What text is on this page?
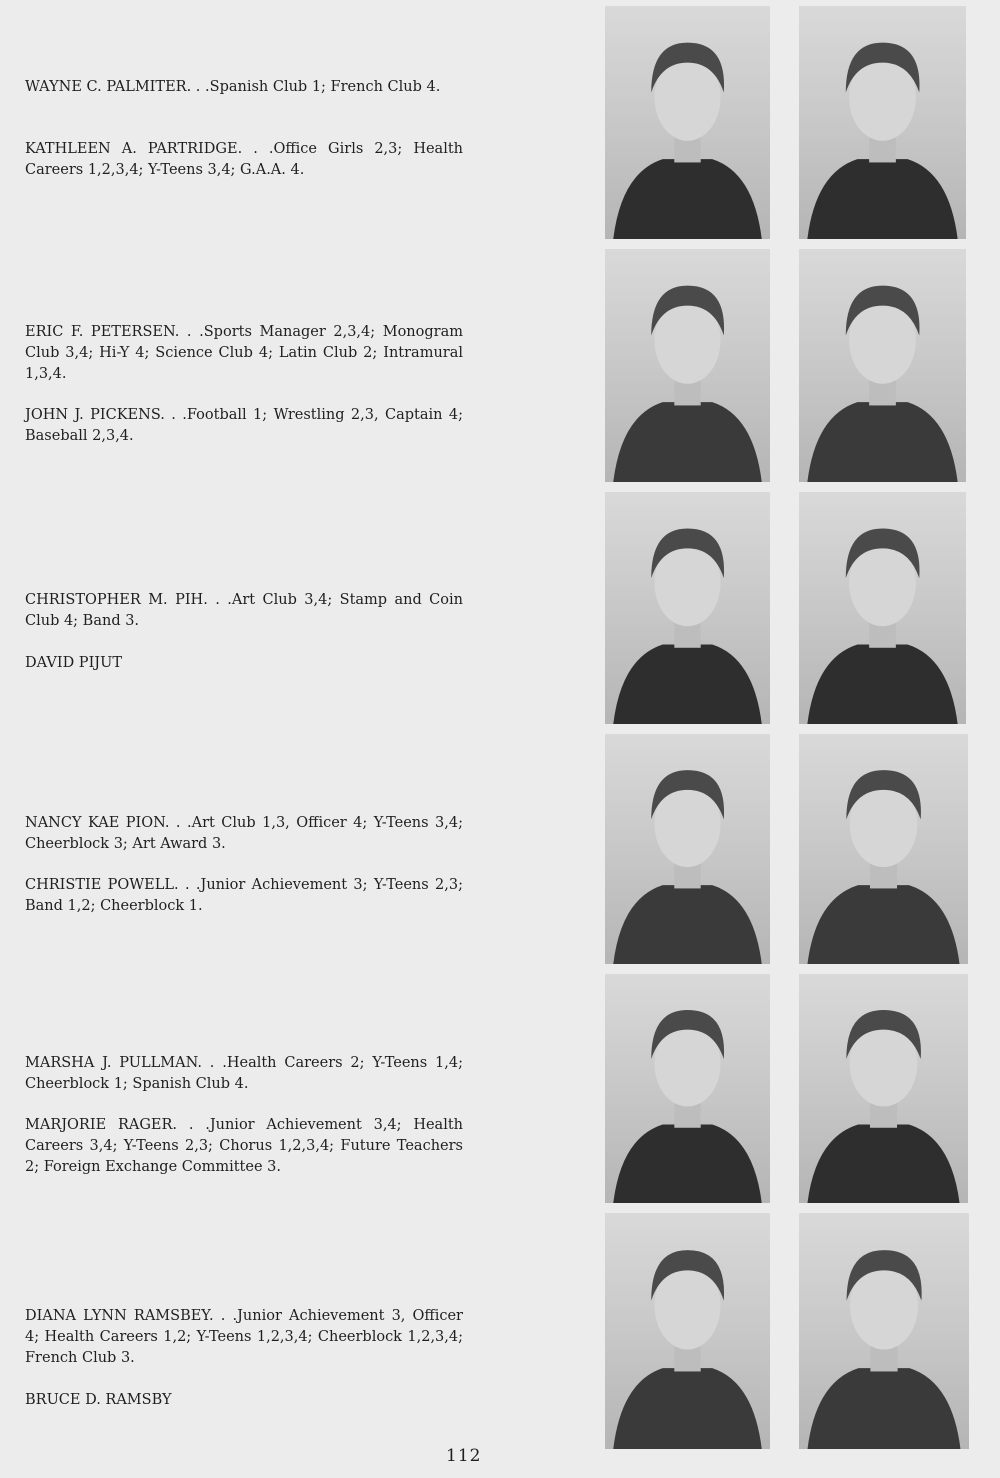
WAYNE C. PALMITER. . .Spanish Club 1; French Club 4.

KATHLEEN A. PARTRIDGE. . .Office Girls 2,3; Health Careers 1,2,3,4; Y-Teens 3,4; G.A.A. 4.

ERIC F. PETERSEN. . .Sports Manager 2,3,4; Monogram Club 3,4; Hi-Y 4; Science Club 4; Latin Club 2; Intramural 1,3,4.

JOHN J. PICKENS. . .Football 1; Wrestling 2,3, Captain 4; Baseball 2,3,4.

CHRISTOPHER M. PIH. . .Art Club 3,4; Stamp and Coin Club 4; Band 3.

DAVID PIJUT

NANCY KAE PION. . .Art Club 1,3, Officer 4; Y-Teens 3,4; Cheerblock 3; Art Award 3.

CHRISTIE POWELL. . .Junior Achievement 3; Y-Teens 2,3; Band 1,2; Cheerblock 1.

MARSHA J. PULLMAN. . .Health Careers 2; Y-Teens 1,4; Cheerblock 1; Spanish Club 4.

MARJORIE RAGER. . .Junior Achievement 3,4; Health Careers 3,4; Y-Teens 2,3; Chorus 1,2,3,4; Future Teachers 2; Foreign Exchange Committee 3.

DIANA LYNN RAMSBEY. . .Junior Achievement 3, Officer 4; Health Careers 1,2; Y-Teens 1,2,3,4; Cheerblock 1,2,3,4; French Club 3.

BRUCE D. RAMSBY

112
